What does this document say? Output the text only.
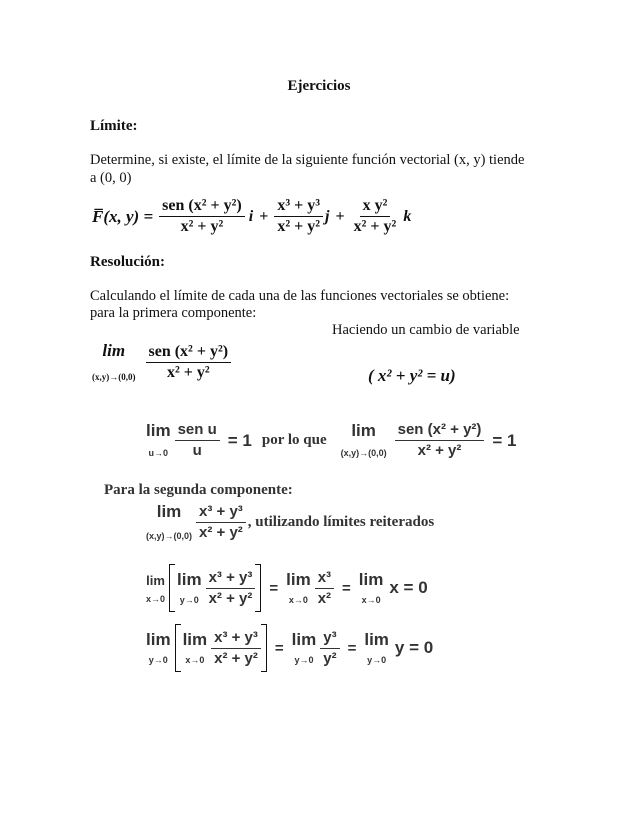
Ejercicios

Límite:

Determine, si existe, el límite de la siguiente función vectorial (x, y) tiende

a (0, 0)

F̅(x, $y) = \frac{\text{sen (x² + y²)}}{\text{x² + y²}}$ $i + \frac{\text{x³ + y³}}{\text{x² + y²}}$ $j + \frac{\text{x y²}}{\text{x² + y²}}$ k

Resolución:

Calculando el límite de cada una de las funciones vectoriales se obtiene:

para la primera componente:

Haciendo un cambio de variable

lim
$(x,y)\to(0,0) \frac{\text{sen (x² + y²)}}{\text{x² + y²}}$	( x² + y² = u)
lim
$u\to 0 \frac{\text{sen u}}{u} = 1$ por lo que lim
$(x,y)\to(0,0) \frac{\text{sen (x² + y²)}}{\text{x² + y²}} = 1$

Para la segunda componente:

lim
$(x,y)\to(0,0) \frac{\text{x³ + y³}}{\text{x² + y²}}$ , utilizando límites reiterados
lim
x→0
lim
$y\to 0 \frac{\text{x³ + y³}}{\text{x² + y²}} = \lim$
$x\to 0 \frac{\text{x³}}{\text{x²}} = \lim$
x→0
x = 0
lim
y→0
lim
$x\to 0 \frac{\text{x³ + y³}}{\text{x² + y²}} = \lim$
$y\to 0 \frac{\text{y³}}{\text{y²}} = \lim$
y→0
y = 0
